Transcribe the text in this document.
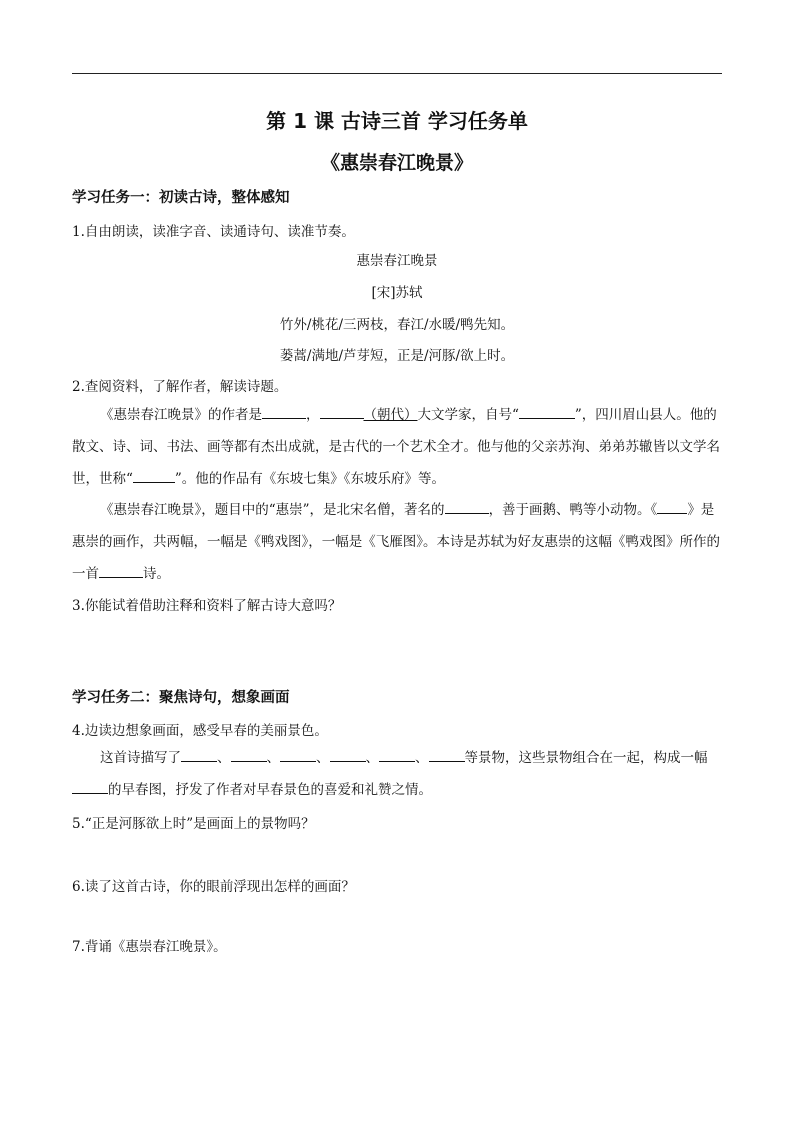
第 1 课 古诗三首 学习任务单
《惠崇春江晚景》
学习任务一：初读古诗，整体感知
1.自由朗读，读准字音、读通诗句、读准节奏。
惠崇春江晚景
[宋]苏轼
竹外/桃花/三两枝，春江/水暖/鸭先知。
蒌蒿/满地/芦芽短，正是/河豚/欲上时。
2.查阅资料，了解作者，解读诗题。

《惠崇春江晚景》的作者是	，	（朝代）大文学家，自号“	”，四川眉山县人。他的散文、诗、词、书法、画等都有杰出成就，是古代的一个艺术全才。他与他的父亲苏洵、弟弟苏辙皆以文学名世，世称“	”。他的作品有《东坡七集》《东坡乐府》等。

《惠崇春江晚景》，题目中的“惠崇”，是北宋名僧，著名的	，善于画鹅、鸭等小动物。《 》是惠崇的画作，共两幅，一幅是《鸭戏图》，一幅是《飞雁图》。本诗是苏轼为好友惠崇的这幅《鸭戏图》所作的一首	诗。

3.你能试着借助注释和资料了解古诗大意吗？
学习任务二：聚焦诗句，想象画面
4.边读边想象画面，感受早春的美丽景色。

这首诗描写了	、	、	、	、	、	等景物，这些景物组合在一起，构成一幅的早春图，抒发了作者对早春景色的喜爱和礼赞之情。

5.“正是河豚欲上时”是画面上的景物吗？
6.读了这首古诗，你的眼前浮现出怎样的画面？
7.背诵《惠崇春江晚景》。
